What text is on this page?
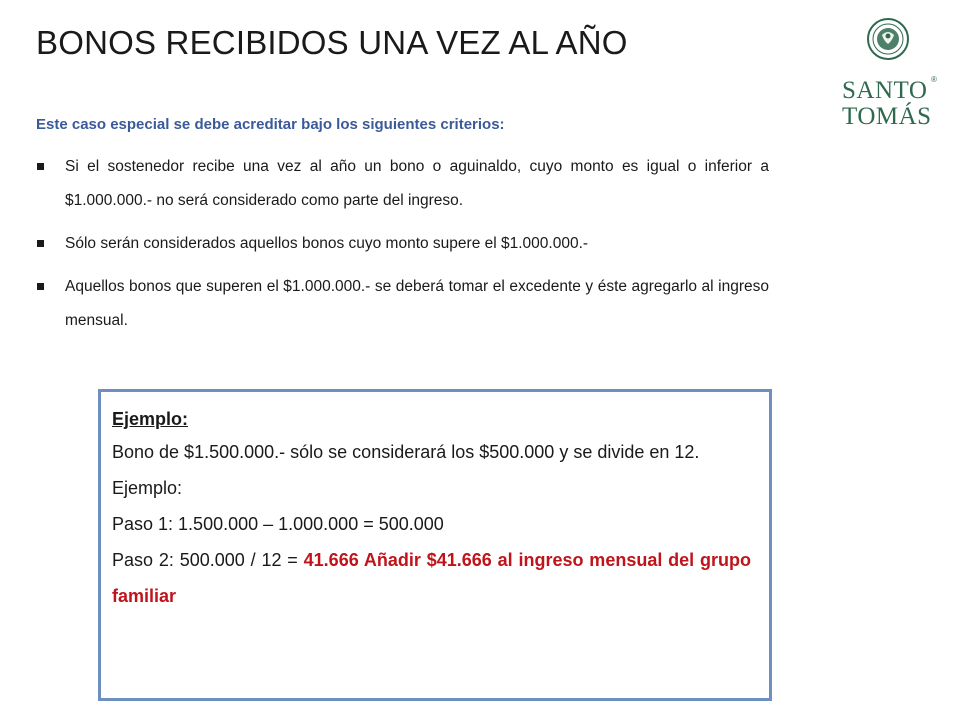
BONOS RECIBIDOS UNA VEZ AL AÑO
SANTO ®
TOMÁS
Este caso especial se debe acreditar bajo los siguientes criterios:
Si el sostenedor recibe una vez al año un bono o aguinaldo, cuyo monto es igual o inferior a $1.000.000.- no será considerado como parte del ingreso.
Sólo serán considerados aquellos bonos cuyo monto supere el $1.000.000.-
Aquellos bonos que superen el $1.000.000.- se deberá tomar el excedente y éste agregarlo al ingreso mensual.
Ejemplo:
Bono de $1.500.000.- sólo se considerará los $500.000 y se divide en 12.
Ejemplo:
Paso 1: 1.500.000 – 1.000.000 = 500.000
Paso 2: 500.000 / 12 = 41.666 Añadir $41.666 al ingreso mensual del grupo familiar
